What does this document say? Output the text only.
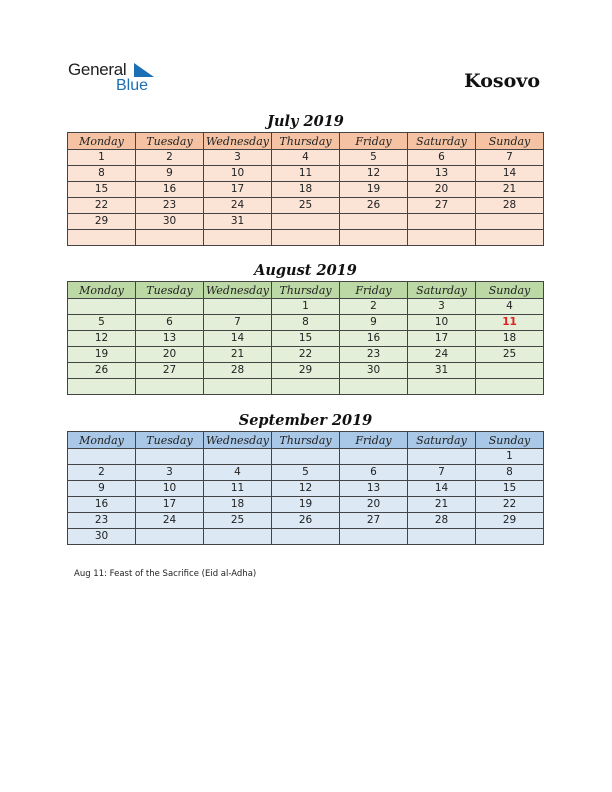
General
Blue	Kosovo
July 2019
Monday	Tuesday	Wednesday	Thursday	Friday	Saturday	Sunday
1	2	3	4	5	6	7
8	9	10	11	12	13	14
15	16	17	18	19	20	21
22	23	24	25	26	27	28
29	30	31				

August 2019
Monday	Tuesday	Wednesday	Thursday	Friday	Saturday	Sunday
			1	2	3	4
5	6	7	8	9	10	11
12	13	14	15	16	17	18
19	20	21	22	23	24	25
26	27	28	29	30	31	

September 2019
Monday	Tuesday	Wednesday	Thursday	Friday	Saturday	Sunday
						1
2	3	4	5	6	7	8
9	10	11	12	13	14	15
16	17	18	19	20	21	22
23	24	25	26	27	28	29
30						
Aug 11: Feast of the Sacrifice (Eid al-Adha)
